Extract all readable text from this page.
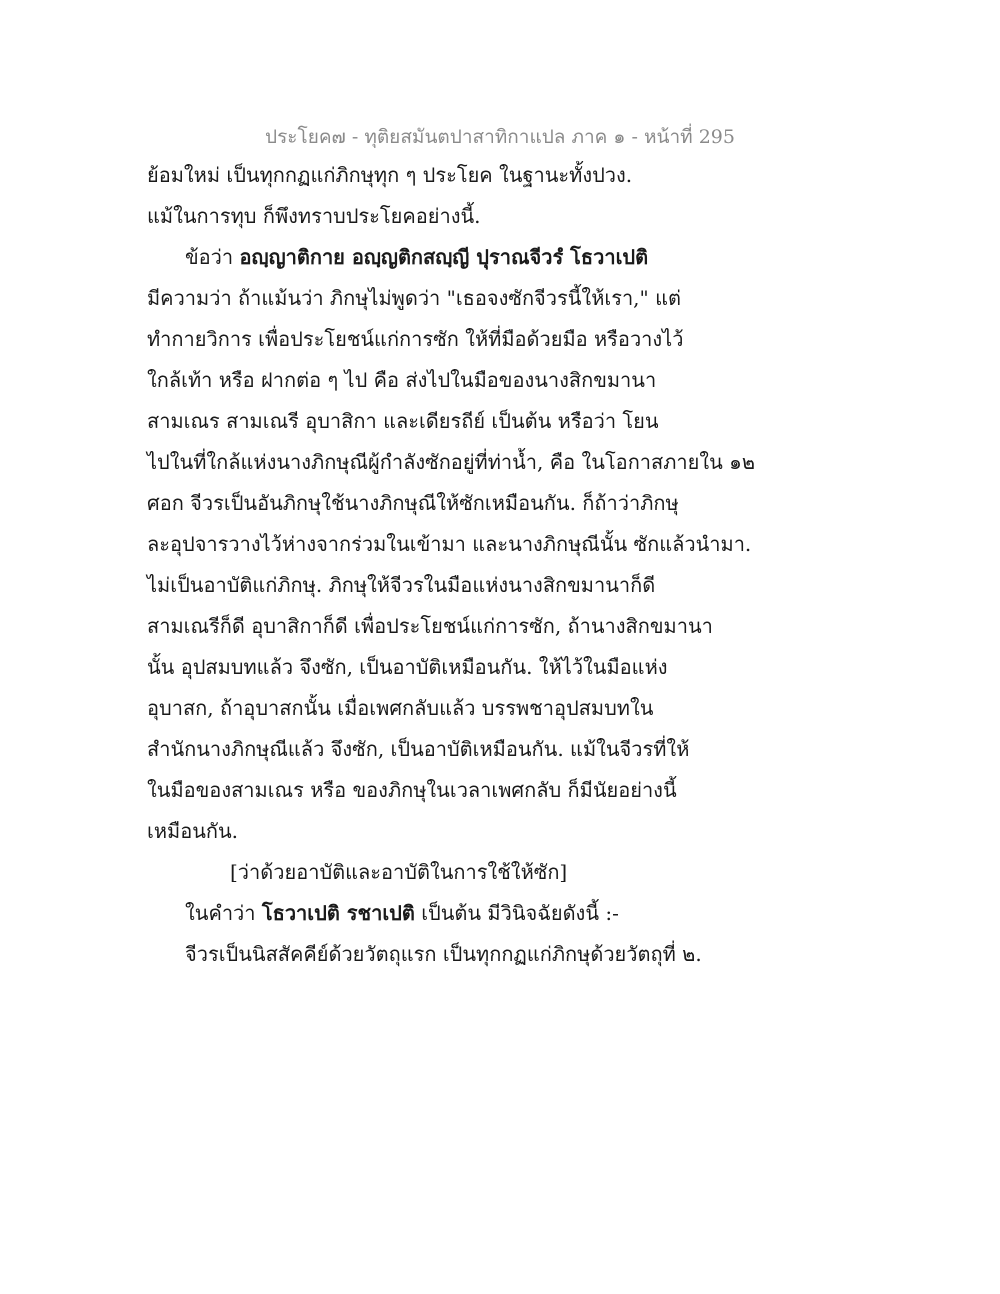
ประโยค๗ - ทุติยสมันตปาสาทิกาแปล ภาค ๑ - หน้าที่ 295
ย้อมใหม่ เป็นทุกกฏแก่ภิกษุทุก ๆ ประโยค ในฐานะทั้งปวง.
แม้ในการทุบ ก็พึงทราบประโยคอย่างนี้.
ข้อว่า อญฺญาติกาย อญฺญติกสญฺญี ปุราณจีวรํ โธวาเปติ
มีความว่า ถ้าแม้นว่า ภิกษุไม่พูดว่า "เธอจงซักจีวรนี้ให้เรา," แต่
ทำกายวิการ เพื่อประโยชน์แก่การซัก ให้ที่มือด้วยมือ หรือวางไว้
ใกล้เท้า หรือ ฝากต่อ ๆ ไป คือ ส่งไปในมือของนางสิกขมานา
สามเณร สามเณรี อุบาสิกา และเดียรถีย์ เป็นต้น หรือว่า โยน
ไปในที่ใกล้แห่งนางภิกษุณีผู้กำลังซักอยู่ที่ท่าน้ำ, คือ ในโอกาสภายใน ๑๒
ศอก จีวรเป็นอันภิกษุใช้นางภิกษุณีให้ซักเหมือนกัน. ก็ถ้าว่าภิกษุ
ละอุปจารวางไว้ห่างจากร่วมในเข้ามา และนางภิกษุณีนั้น ซักแล้วนำมา.
ไม่เป็นอาบัติแก่ภิกษุ. ภิกษุให้จีวรในมือแห่งนางสิกขมานาก็ดี
สามเณรีก็ดี อุบาสิกาก็ดี เพื่อประโยชน์แก่การซัก, ถ้านางสิกขมานา
นั้น อุปสมบทแล้ว จึงซัก, เป็นอาบัติเหมือนกัน. ให้ไว้ในมือแห่ง
อุบาสก, ถ้าอุบาสกนั้น เมื่อเพศกลับแล้ว บรรพชาอุปสมบทใน
สำนักนางภิกษุณีแล้ว จึงซัก, เป็นอาบัติเหมือนกัน. แม้ในจีวรที่ให้
ในมือของสามเณร หรือ ของภิกษุในเวลาเพศกลับ ก็มีนัยอย่างนี้
เหมือนกัน.
[ว่าด้วยอาบัติและอาบัติในการใช้ให้ซัก]
ในคำว่า โธวาเปติ รชาเปติ เป็นต้น มีวินิจฉัยดังนี้ :-
จีวรเป็นนิสสัคคีย์ด้วยวัตถุแรก เป็นทุกกฏแก่ภิกษุด้วยวัตถุที่ ๒.
